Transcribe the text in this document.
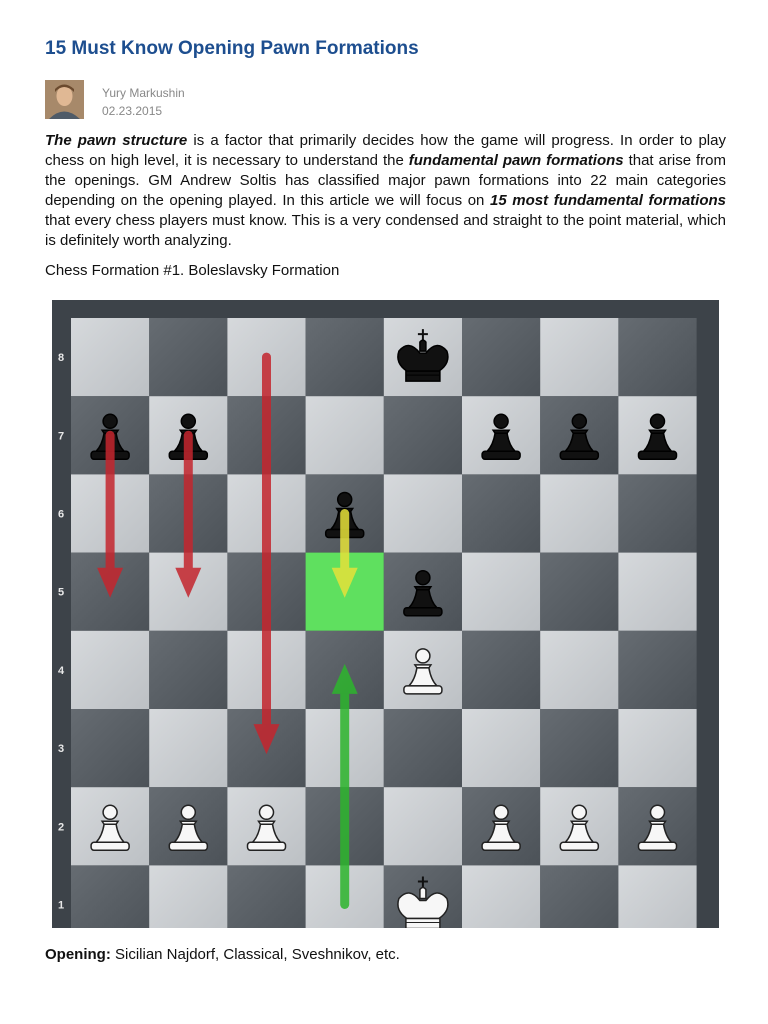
15 Must Know Opening Pawn Formations
Yury Markushin
02.23.2015

The pawn structure is a factor that primarily decides how the game will progress. In order to play chess on high level, it is necessary to understand the fundamental pawn formations that arise from the openings. GM Andrew Soltis has classified major pawn formations into 22 main categories depending on the opening played. In this article we will focus on 15 most fundamental formations that every chess players must know. This is a very condensed and straight to the point material, which is definitely worth analyzing.

Chess Formation #1. Boleslavsky Formation

8
7
6
5
4
3
2
1

Opening: Sicilian Najdorf, Classical, Sveshnikov, etc.
